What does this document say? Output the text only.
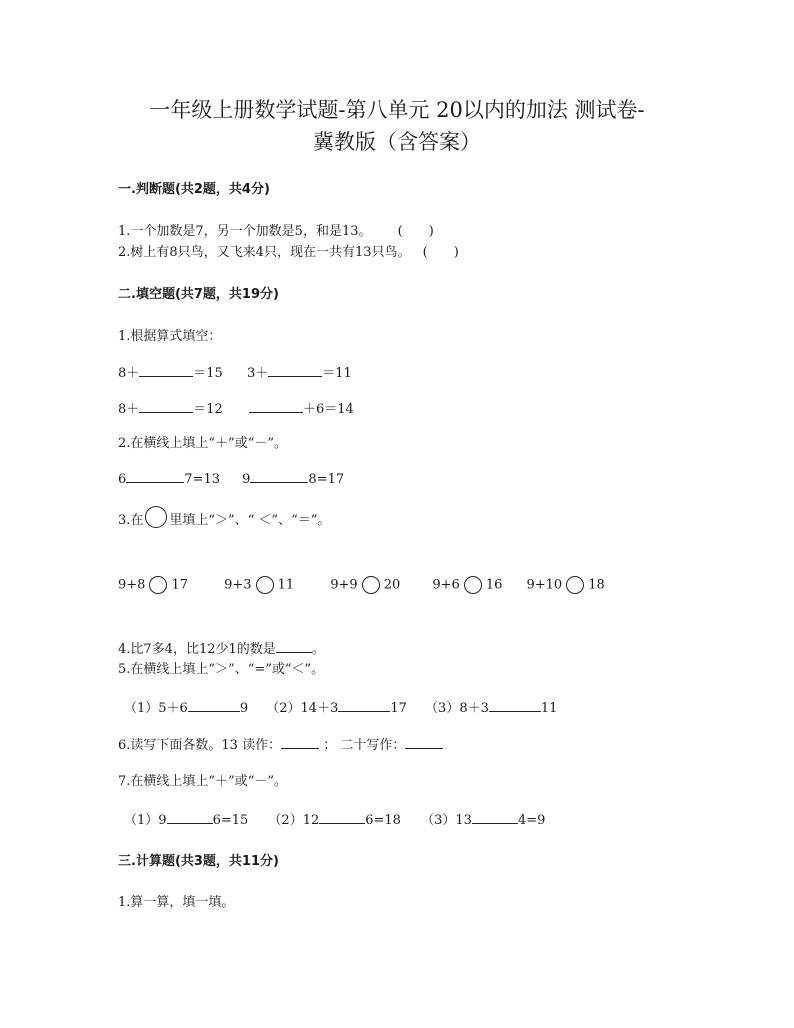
一年级上册数学试题-第八单元 20以内的加法 测试卷-
冀教版（含答案）
一.判断题(共2题，共4分)
1.一个加数是7，另一个加数是5，和是13。 (　　)
2.树上有8只鸟，又飞来4只，现在一共有13只鸟。 (　　)
二.填空题(共7题，共19分)
1.根据算式填空：
8＋	＝15 3＋	＝11
8＋	＝12	＋6＝14
2.在横线上填上“＋”或“－”。
6	7=13 9	8=17
3.在 里填上“＞”、“ ＜”、“＝”。
9+8 17	9+3 11	9+9 20 9+6 16 9+10 18
4.比7多4，比12少1的数是	。
5.在横线上填上“＞”、“=”或“＜”。
（1）5＋6	9 （2）14＋3	17 （3）8＋3	11
6.读写下面各数。13 读作：	； 二十写作：
7.在横线上填上“＋”或“－”。
（1）9	6=15 （2）12	6=18 （3）13	4=9
三.计算题(共3题，共11分)
1.算一算，填一填。
